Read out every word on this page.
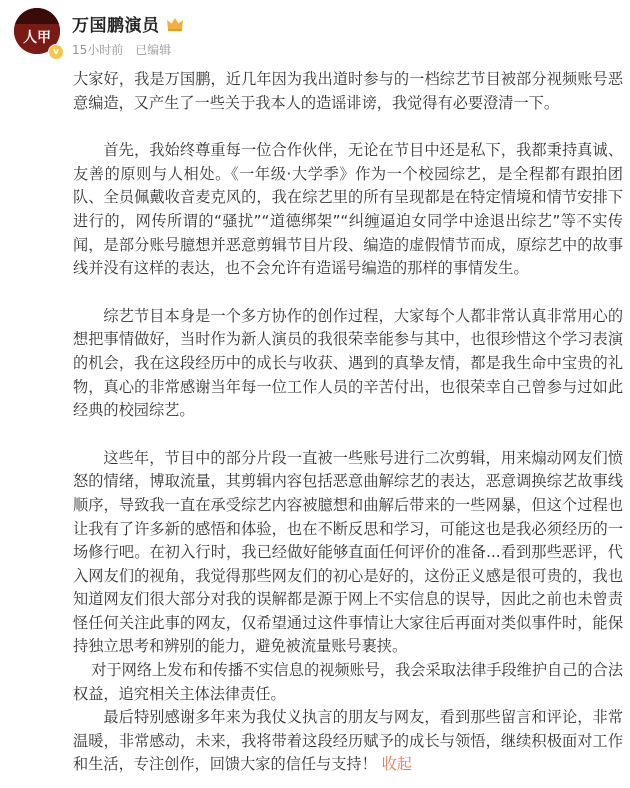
人甲
v
万国鹏演员
15小时前 已编辑

大家好，我是万国鹏，近几年因为我出道时参与的一档综艺节目被部分视频账号恶意编造，又产生了一些关于我本人的造谣诽谤，我觉得有必要澄清一下。

首先，我始终尊重每一位合作伙伴，无论在节目中还是私下，我都秉持真诚、友善的原则与人相处。《一年级·大学季》作为一个校园综艺，是全程都有跟拍团队、全员佩戴收音麦克风的，我在综艺里的所有呈现都是在特定情境和情节安排下进行的，网传所谓的“骚扰”“道德绑架”“纠缠逼迫女同学中途退出综艺”等不实传闻，是部分账号臆想并恶意剪辑节目片段、编造的虚假情节而成，原综艺中的故事线并没有这样的表达，也不会允许有造谣号编造的那样的事情发生。

综艺节目本身是一个多方协作的创作过程，大家每个人都非常认真非常用心的想把事情做好，当时作为新人演员的我很荣幸能参与其中，也很珍惜这个学习表演的机会，我在这段经历中的成长与收获、遇到的真挚友情，都是我生命中宝贵的礼物，真心的非常感谢当年每一位工作人员的辛苦付出，也很荣幸自己曾参与过如此经典的校园综艺。

这些年，节目中的部分片段一直被一些账号进行二次剪辑，用来煽动网友们愤怒的情绪，博取流量，其剪辑内容包括恶意曲解综艺的表达，恶意调换综艺故事线顺序，导致我一直在承受综艺内容被臆想和曲解后带来的一些网暴，但这个过程也让我有了许多新的感悟和体验，也在不断反思和学习，可能这也是我必须经历的一场修行吧。在初入行时，我已经做好能够直面任何评价的准备...看到那些恶评，代入网友们的视角，我觉得那些网友们的初心是好的，这份正义感是很可贵的，我也知道网友们很大部分对我的误解都是源于网上不实信息的误导，因此之前也未曾责怪任何关注此事的网友，仅希望通过这件事情让大家往后再面对类似事件时，能保持独立思考和辨别的能力，避免被流量账号裹挟。

对于网络上发布和传播不实信息的视频账号，我会采取法律手段维护自己的合法权益，追究相关主体法律责任。

最后特别感谢多年来为我仗义执言的朋友与网友，看到那些留言和评论，非常温暖，非常感动，未来，我将带着这段经历赋予的成长与领悟，继续积极面对工作和生活，专注创作，回馈大家的信任与支持！ 收起
